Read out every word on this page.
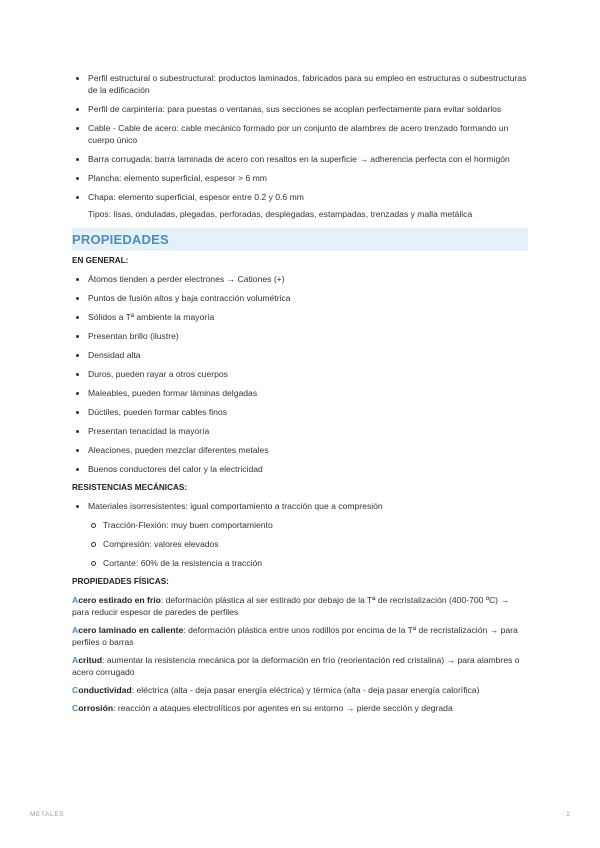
Perfil estructural o subestructural: productos laminados, fabricados para su empleo en estructuras o subestructuras de la edificación
Perfil de carpintería: para puestas o ventanas, sus secciones se acoplan perfectamente para evitar soldarlos
Cable - Cable de acero: cable mecánico formado por un conjunto de alambres de acero trenzado formando un cuerpo único
Barra corrugada: barra laminada de acero con resaltos en la superficie → adherencia perfecta con el hormigón
Plancha: elemento superficial, espesor > 6 mm
Chapa: elemento superficial, espesor entre 0.2 y 0.6 mm
Tipos: lisas, onduladas, plegadas, perforadas, desplegadas, estampadas, trenzadas y malla metálica
PROPIEDADES
EN GENERAL:
Átomos tienden a perder electrones → Cationes (+)
Puntos de fusión altos y baja contracción volumétrica
Sólidos a Tª ambiente la mayoría
Presentan brillo (ilustre)
Densidad alta
Duros, pueden rayar a otros cuerpos
Maleables, pueden formar láminas delgadas
Dúctiles, pueden formar cables finos
Presentan tenacidad la mayoría
Aleaciones, pueden mezclar diferentes metales
Buenos conductores del calor y la electricidad
RESISTENCIAS MECÁNICAS:
Materiales isorresistentes: igual comportamiento a tracción que a compresión
Tracción-Flexión: muy buen comportamiento
Compresión: valores elevados
Cortante: 60% de la resistencia a tracción
PROPIEDADES FÍSICAS:
Acero estirado en frío: deformación plástica al ser estirado por debajo de la Tª de recristalización (400-700 ºC) → para reducir espesor de paredes de perfiles
Acero laminado en caliente: deformación plástica entre unos rodillos por encima de la Tª de recristalización → para perfiles o barras
Acritud: aumentar la resistencia mecánica por la deformación en frío (reorientación red cristalina) → para alambres o acero corrugado
Conductividad: eléctrica (alta - deja pasar energía eléctrica) y térmica (alta - deja pasar energía calorífica)
Corrosión: reacción a ataques electrolíticos por agentes en su entorno → pierde sección y degrada
METALES	2
